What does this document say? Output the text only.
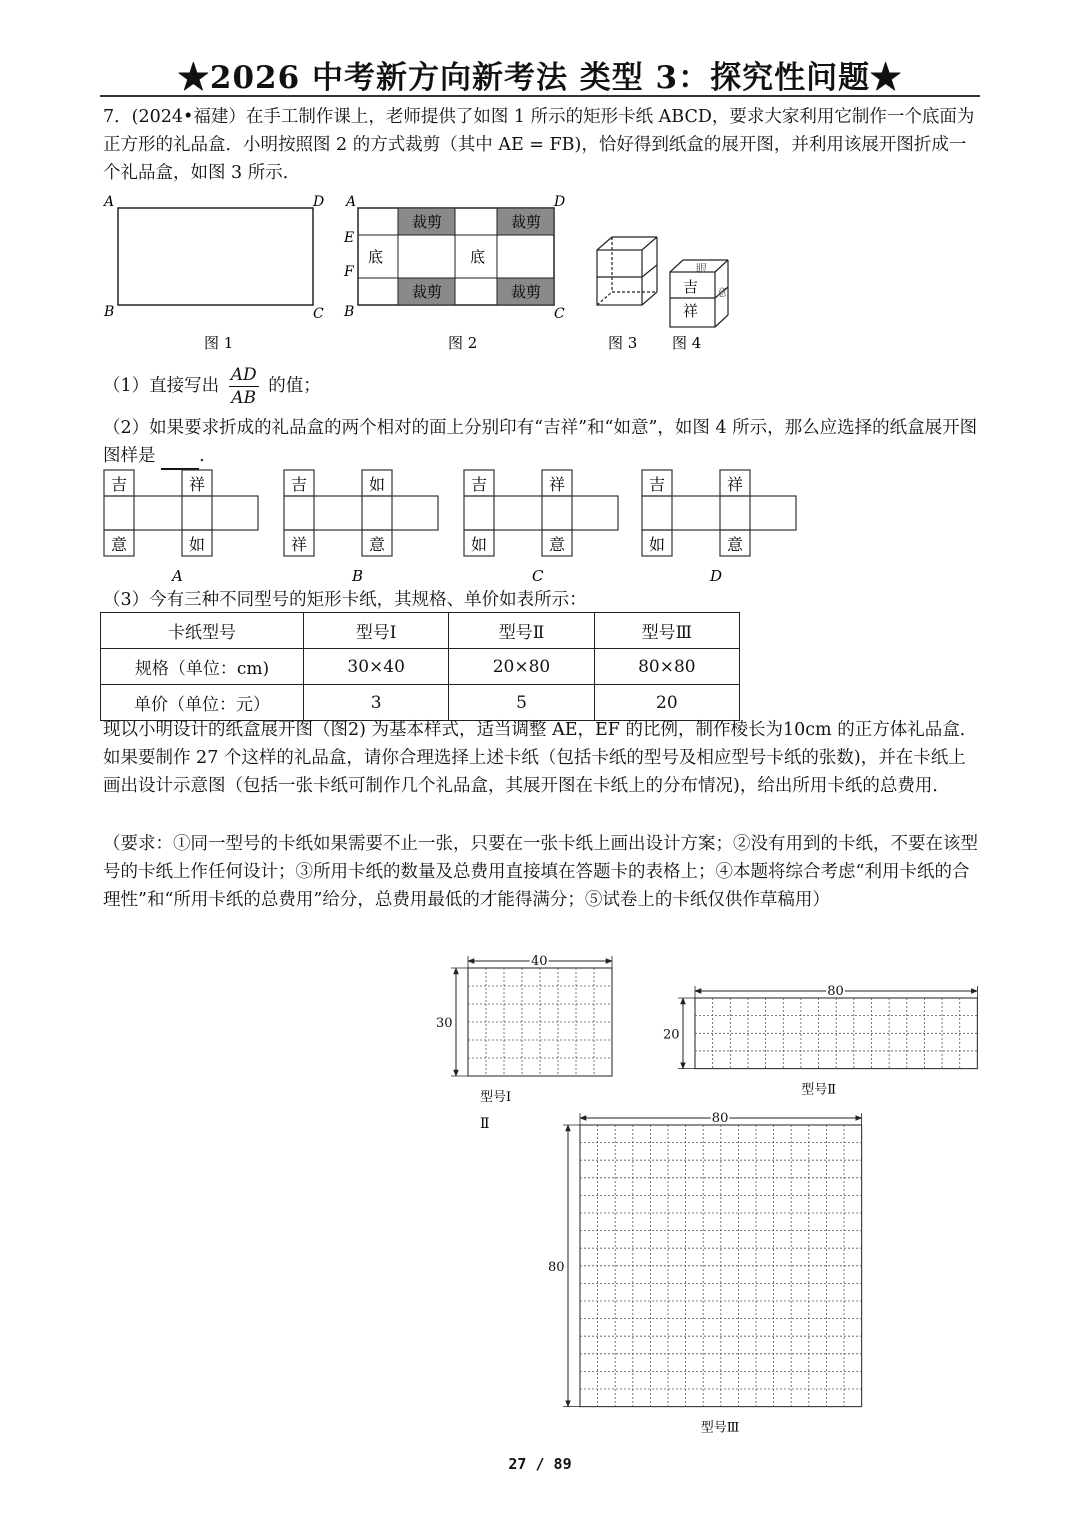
★2026 中考新方向新考法 类型 3：探究性问题★
7．(2024•福建）在手工制作课上，老师提供了如图 1 所示的矩形卡纸 ABCD，要求大家利用它制作一个底面为正方形的礼品盒．小明按照图 2 的方式裁剪（其中 AE = FB)，恰好得到纸盒的展开图，并利用该展开图折成一个礼品盒，如图 3 所示．
A	D
B	C
图 1
裁剪	裁剪
裁剪	裁剪
底	底
A	D
E
F
B	C
图 2	图 3
吉
祥
眼
意
图 4
（1）直接写出 $\frac{AD}{AB}$ 的值；
（2）如果要求折成的礼品盒的两个相对的面上分别印有“吉祥”和“如意”，如图 4 所示，那么应选择的纸盒展开图图样是 .
吉	祥
意	如
A
吉	如
祥	意
B
吉	祥
如	意
C
吉	祥
如	意
D
（3）今有三种不同型号的矩形卡纸，其规格、单价如表所示：
卡纸型号	型号Ⅰ	型号Ⅱ	型号Ⅲ
规格（单位：cm)	30×40	20×80	80×80
单价（单位：元）	3	5	20
现以小明设计的纸盒展开图（图2) 为基本样式，适当调整 AE，EF 的比例，制作棱长为10cm 的正方体礼品盒．如果要制作 27 个这样的礼品盒，请你合理选择上述卡纸（包括卡纸的型号及相应型号卡纸的张数)，并在卡纸上画出设计示意图（包括一张卡纸可制作几个礼品盒，其展开图在卡纸上的分布情况)，给出所用卡纸的总费用．
（要求：①同一型号的卡纸如果需要不止一张，只要在一张卡纸上画出设计方案；②没有用到的卡纸，不要在该型号的卡纸上作任何设计；③所用卡纸的数量及总费用直接填在答题卡的表格上；④本题将综合考虑“利用卡纸的合理性”和“所用卡纸的总费用”给分，总费用最低的才能得满分；⑤试卷上的卡纸仅供作草稿用）
40
30
型号Ⅰ
80
20
型号Ⅱ
80
80
型号Ⅲ
Ⅱ
27 / 89
